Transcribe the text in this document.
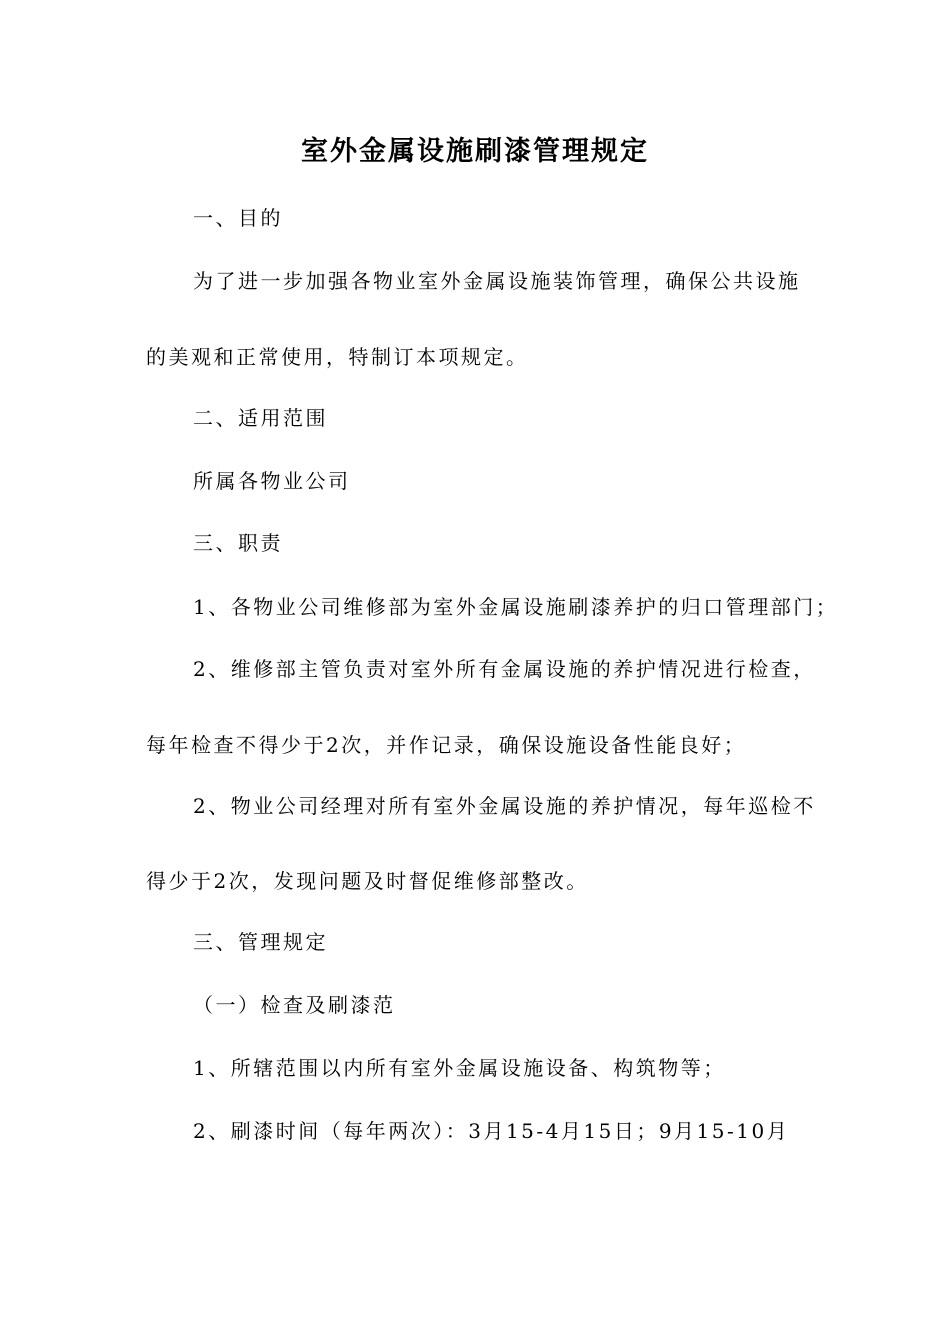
室外金属设施刷漆管理规定
一、目的
为了进一步加强各物业室外金属设施装饰管理，确保公共设施
的美观和正常使用，特制订本项规定。
二、适用范围
所属各物业公司
三、职责
1、各物业公司维修部为室外金属设施刷漆养护的归口管理部门；
2、维修部主管负责对室外所有金属设施的养护情况进行检查，
每年检查不得少于2次，并作记录，确保设施设备性能良好；
2、物业公司经理对所有室外金属设施的养护情况，每年巡检不
得少于2次，发现问题及时督促维修部整改。
三、管理规定
（一）检查及刷漆范
1、所辖范围以内所有室外金属设施设备、构筑物等；
2、刷漆时间（每年两次）：3月15-4月15日；9月15-10月
